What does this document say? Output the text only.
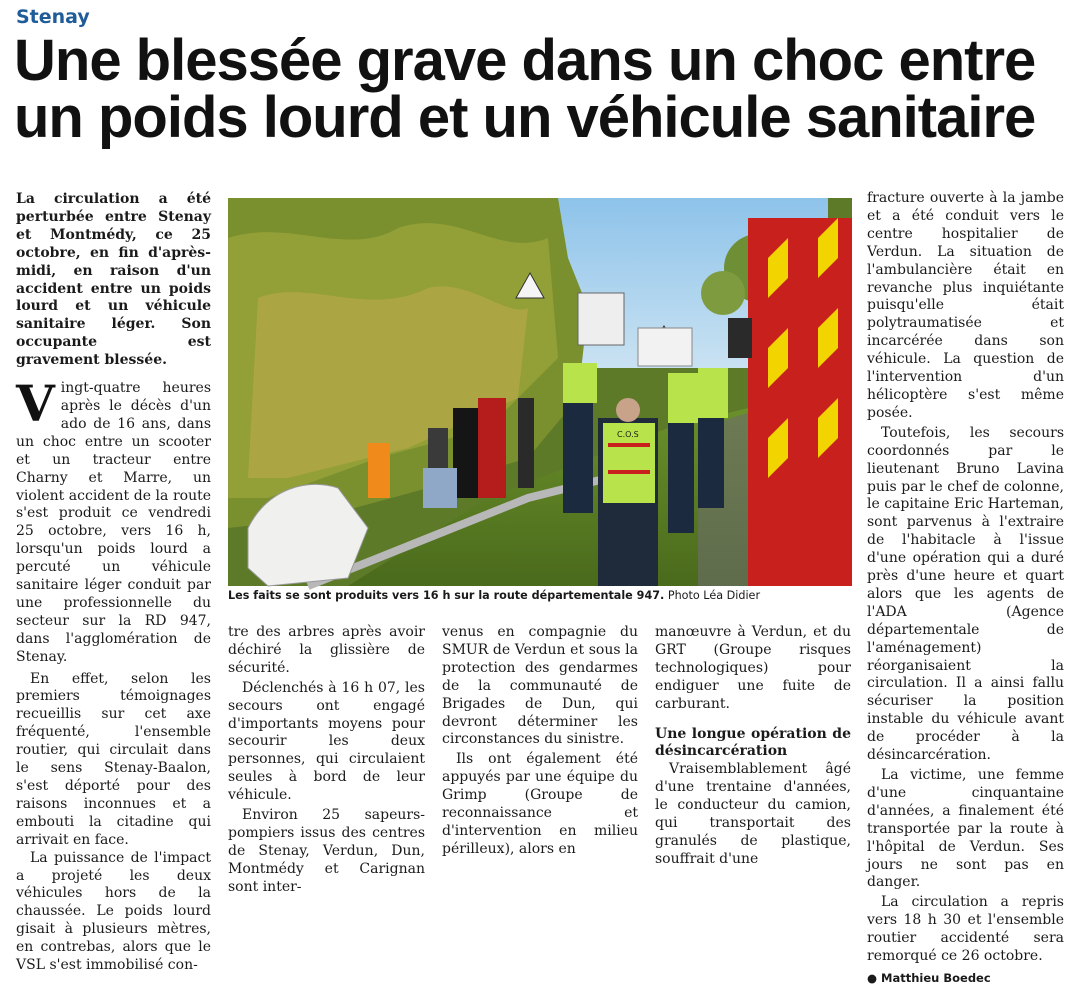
Stenay
Une blessée grave dans un choc entre un poids lourd et un véhicule sanitaire

La circulation a été perturbée entre Stenay et Montmédy, ce 25 octobre, en fin d'après-midi, en raison d'un accident entre un poids lourd et un véhicule sanitaire léger. Son occupante est gravement blessée.

Vingt-quatre heures après le décès d'un ado de 16 ans, dans un choc entre un scooter et un tracteur entre Charny et Marre, un violent accident de la route s'est produit ce vendredi 25 octobre, vers 16 h, lorsqu'un poids lourd a percuté un véhicule sanitaire léger conduit par une professionnelle du secteur sur la RD 947, dans l'agglomération de Stenay.

En effet, selon les premiers témoignages recueillis sur cet axe fréquenté, l'ensemble routier, qui circulait dans le sens Stenay-Baalon, s'est déporté pour des raisons inconnues et a embouti la citadine qui arrivait en face.

La puissance de l'impact a projeté les deux véhicules hors de la chaussée. Le poids lourd gisait à plusieurs mètres, en contrebas, alors que le VSL s'est immobilisé con-

C.O.S
Les faits se sont produits vers 16 h sur la route départementale 947. Photo Léa Didier

tre des arbres après avoir déchiré la glissière de sécurité.

Déclenchés à 16 h 07, les secours ont engagé d'importants moyens pour secourir les deux personnes, qui circulaient seules à bord de leur véhicule.

Environ 25 sapeurs-pompiers issus des centres de Stenay, Verdun, Dun, Montmédy et Carignan sont inter-

venus en compagnie du SMUR de Verdun et sous la protection des gendarmes de la communauté de Brigades de Dun, qui devront déterminer les circonstances du sinistre.

Ils ont également été appuyés par une équipe du Grimp (Groupe de reconnaissance et d'intervention en milieu périlleux), alors en

manœuvre à Verdun, et du GRT (Groupe risques technologiques) pour endiguer une fuite de carburant.

Une longue opération de désincarcération

Vraisemblablement âgé d'une trentaine d'années, le conducteur du camion, qui transportait des granulés de plastique, souffrait d'une

fracture ouverte à la jambe et a été conduit vers le centre hospitalier de Verdun. La situation de l'ambulancière était en revanche plus inquiétante puisqu'elle était polytraumatisée et incarcérée dans son véhicule. La question de l'intervention d'un hélicoptère s'est même posée.

Toutefois, les secours coordonnés par le lieutenant Bruno Lavina puis par le chef de colonne, le capitaine Eric Harteman, sont parvenus à l'extraire de l'habitacle à l'issue d'une opération qui a duré près d'une heure et quart alors que les agents de l'ADA (Agence départementale de l'aménagement) réorganisaient la circulation. Il a ainsi fallu sécuriser la position instable du véhicule avant de procéder à la désincarcération.

La victime, une femme d'une cinquantaine d'années, a finalement été transportée par la route à l'hôpital de Verdun. Ses jours ne sont pas en danger.

La circulation a repris vers 18 h 30 et l'ensemble routier accidenté sera remorqué ce 26 octobre.

● Matthieu Boedec
